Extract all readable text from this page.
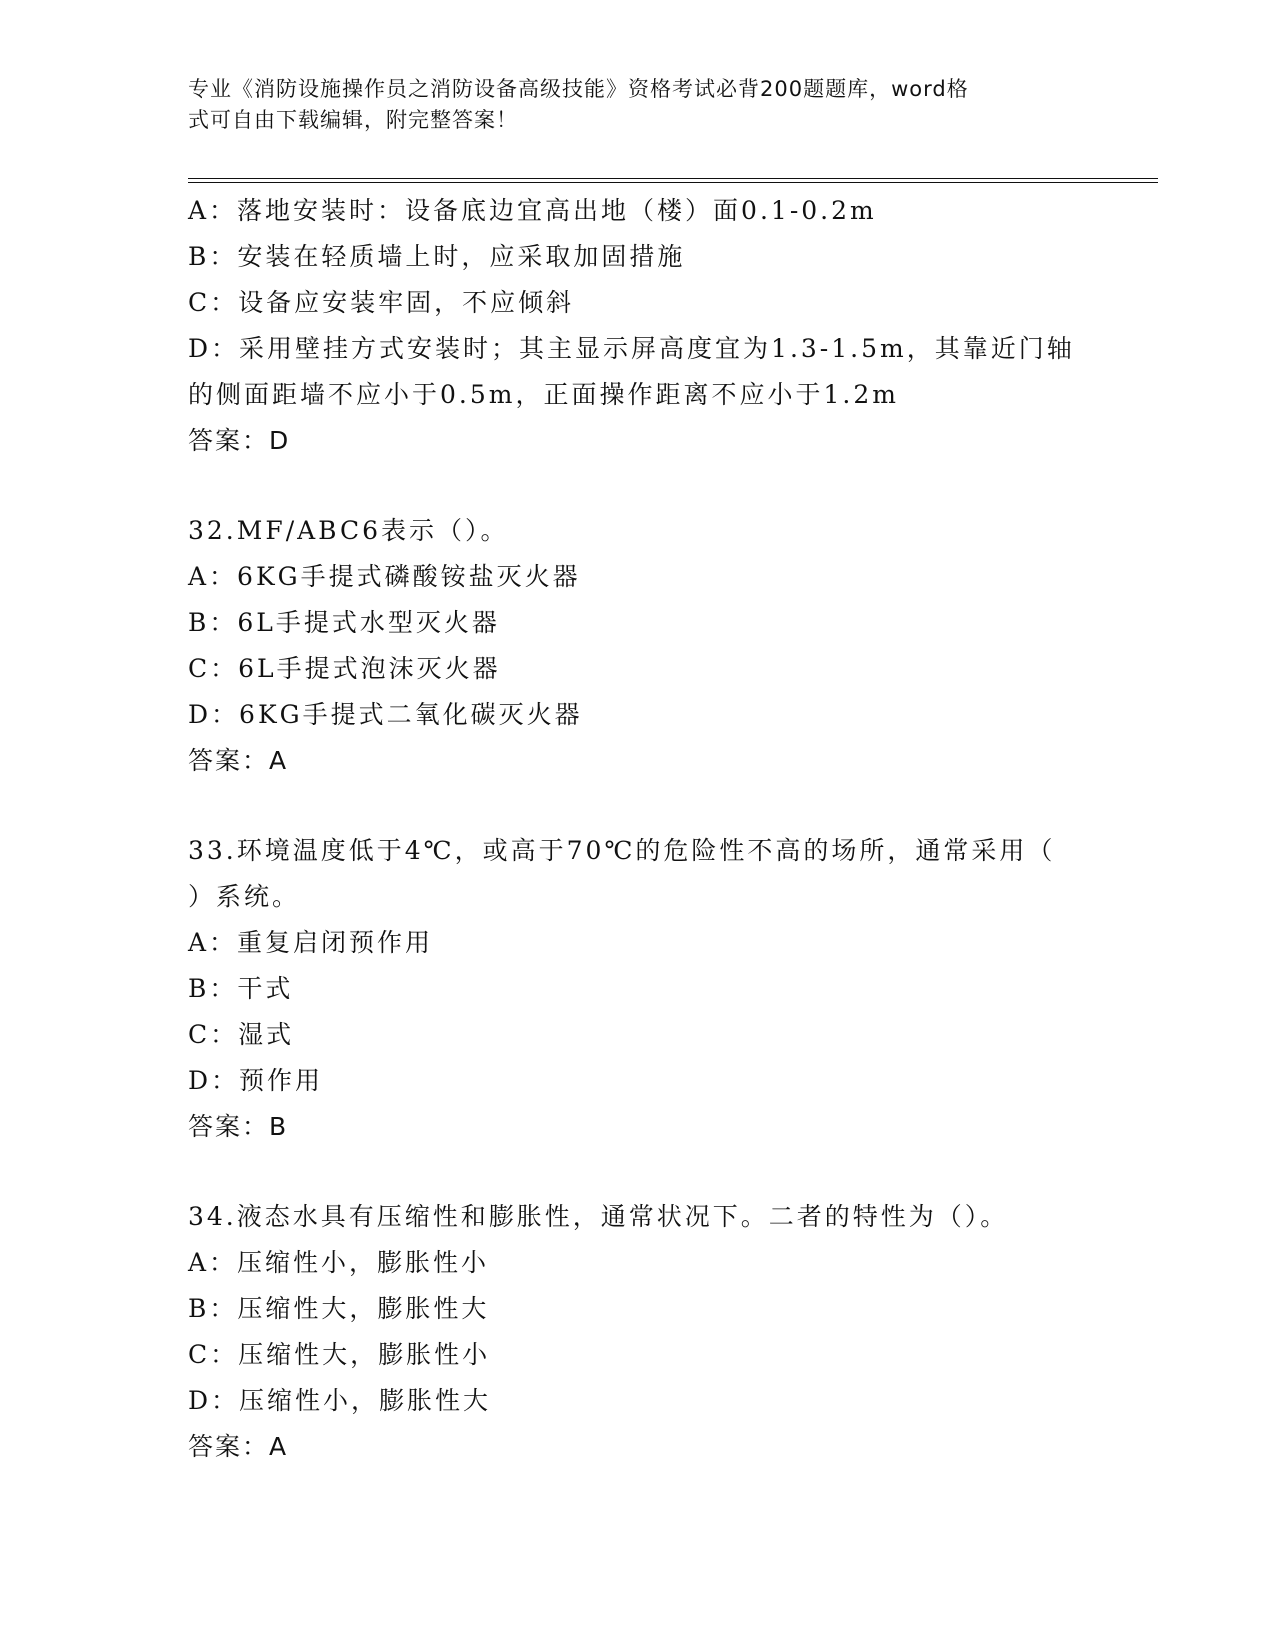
专业《消防设施操作员之消防设备高级技能》资格考试必背200题题库，word格
式可自由下载编辑，附完整答案！
A：落地安装时：设备底边宜高出地（楼）面0.1-0.2m
B：安装在轻质墙上时，应采取加固措施
C：设备应安装牢固，不应倾斜
D：采用壁挂方式安装时；其主显示屏高度宜为1.3-1.5m，其靠近门轴
的侧面距墙不应小于0.5m，正面操作距离不应小于1.2m
答案：D
32.MF/ABC6表示（）。
A：6KG手提式磷酸铵盐灭火器
B：6L手提式水型灭火器
C：6L手提式泡沫灭火器
D：6KG手提式二氧化碳灭火器
答案：A
33.环境温度低于4℃，或高于70℃的危险性不高的场所，通常采用（
）系统。
A：重复启闭预作用
B：干式
C：湿式
D：预作用
答案：B
34.液态水具有压缩性和膨胀性，通常状况下。二者的特性为（）。
A：压缩性小，膨胀性小
B：压缩性大，膨胀性大
C：压缩性大，膨胀性小
D：压缩性小，膨胀性大
答案：A
